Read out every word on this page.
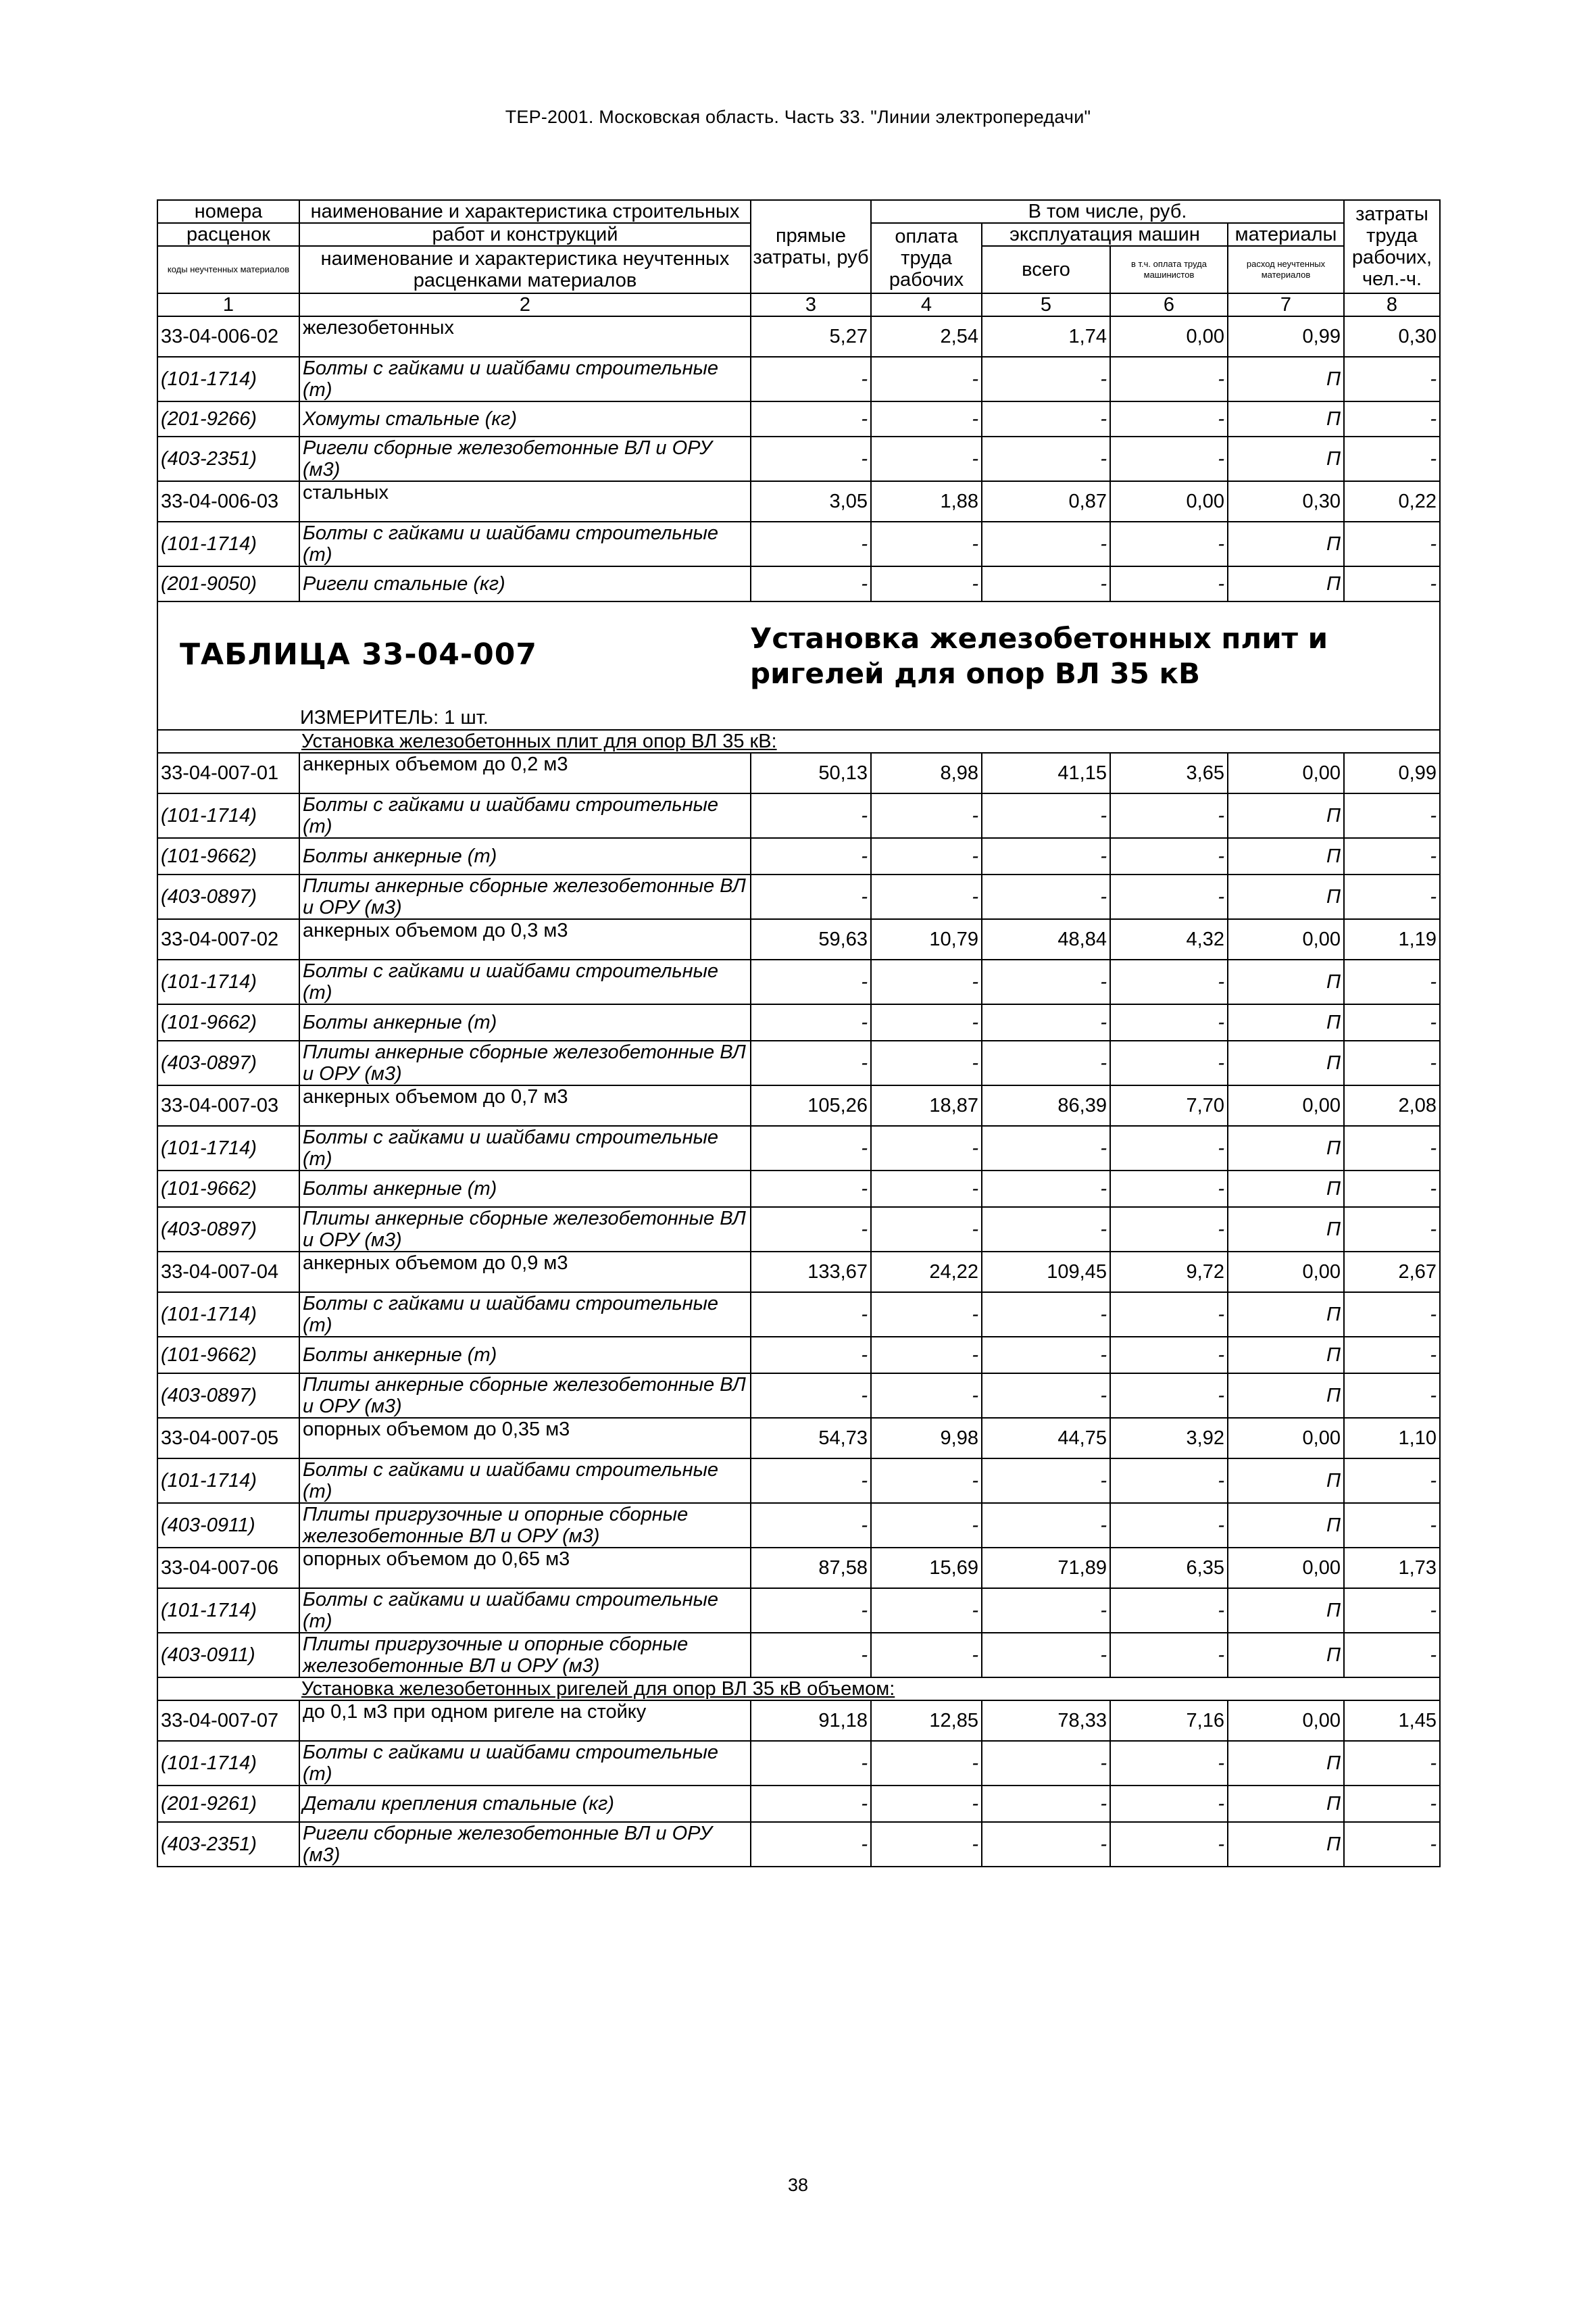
ТЕР-2001. Московская область. Часть 33. "Линии электропередачи"
номера	наименование и характеристика строительных	прямые затраты, руб	В том числе, руб.				затраты труда рабочих, чел.-ч.
расценок	работ и конструкций		оплата труда рабочих	эксплуатация машин		материалы	
коды неучтенных материалов	наименование и характеристика неучтенных расценками материалов			всего	в т.ч. оплата труда машинистов	расход неучтенных материалов	
1	2	3	4	5	6	7	8
33-04-006-02	железобетонных	5,27	2,54	1,74	0,00	0,99	0,30
(101-1714)	Болты с гайками и шайбами строительные (т)	-	-	-	-	П	-
(201-9266)	Хомуты стальные (кг)	-	-	-	-	П	-
(403-2351)	Ригели сборные железобетонные ВЛ и ОРУ (м3)	-	-	-	-	П	-
33-04-006-03	стальных	3,05	1,88	0,87	0,00	0,30	0,22
(101-1714)	Болты с гайками и шайбами строительные (т)	-	-	-	-	П	-
(201-9050)	Ригели стальные (кг)	-	-	-	-	П	-

ТАБЛИЦА 33-04-007 Установка железобетонных плит и ригелей для опор ВЛ 35 кВ
ИЗМЕРИТЕЛЬ: 1 шт.							

Установка железобетонных плит для опор ВЛ 35 кВ:							
33-04-007-01	анкерных объемом до 0,2 м3	50,13	8,98	41,15	3,65	0,00	0,99
(101-1714)	Болты с гайками и шайбами строительные (т)	-	-	-	-	П	-
(101-9662)	Болты анкерные (т)	-	-	-	-	П	-
(403-0897)	Плиты анкерные сборные железобетонные ВЛ и ОРУ (м3)	-	-	-	-	П	-
33-04-007-02	анкерных объемом до 0,3 м3	59,63	10,79	48,84	4,32	0,00	1,19
(101-1714)	Болты с гайками и шайбами строительные (т)	-	-	-	-	П	-
(101-9662)	Болты анкерные (т)	-	-	-	-	П	-
(403-0897)	Плиты анкерные сборные железобетонные ВЛ и ОРУ (м3)	-	-	-	-	П	-
33-04-007-03	анкерных объемом до 0,7 м3	105,26	18,87	86,39	7,70	0,00	2,08
(101-1714)	Болты с гайками и шайбами строительные (т)	-	-	-	-	П	-
(101-9662)	Болты анкерные (т)	-	-	-	-	П	-
(403-0897)	Плиты анкерные сборные железобетонные ВЛ и ОРУ (м3)	-	-	-	-	П	-
33-04-007-04	анкерных объемом до 0,9 м3	133,67	24,22	109,45	9,72	0,00	2,67
(101-1714)	Болты с гайками и шайбами строительные (т)	-	-	-	-	П	-
(101-9662)	Болты анкерные (т)	-	-	-	-	П	-
(403-0897)	Плиты анкерные сборные железобетонные ВЛ и ОРУ (м3)	-	-	-	-	П	-
33-04-007-05	опорных объемом до 0,35 м3	54,73	9,98	44,75	3,92	0,00	1,10
(101-1714)	Болты с гайками и шайбами строительные (т)	-	-	-	-	П	-
(403-0911)	Плиты пригрузочные и опорные сборные железобетонные ВЛ и ОРУ (м3)	-	-	-	-	П	-
33-04-007-06	опорных объемом до 0,65 м3	87,58	15,69	71,89	6,35	0,00	1,73
(101-1714)	Болты с гайками и шайбами строительные (т)	-	-	-	-	П	-
(403-0911)	Плиты пригрузочные и опорные сборные железобетонные ВЛ и ОРУ (м3)	-	-	-	-	П	-
Установка железобетонных ригелей для опор ВЛ 35 кВ объемом:							
33-04-007-07	до 0,1 м3 при одном ригеле на стойку	91,18	12,85	78,33	7,16	0,00	1,45
(101-1714)	Болты с гайками и шайбами строительные (т)	-	-	-	-	П	-
(201-9261)	Детали крепления стальные (кг)	-	-	-	-	П	-
(403-2351)	Ригели сборные железобетонные ВЛ и ОРУ (м3)	-	-	-	-	П	-
38
